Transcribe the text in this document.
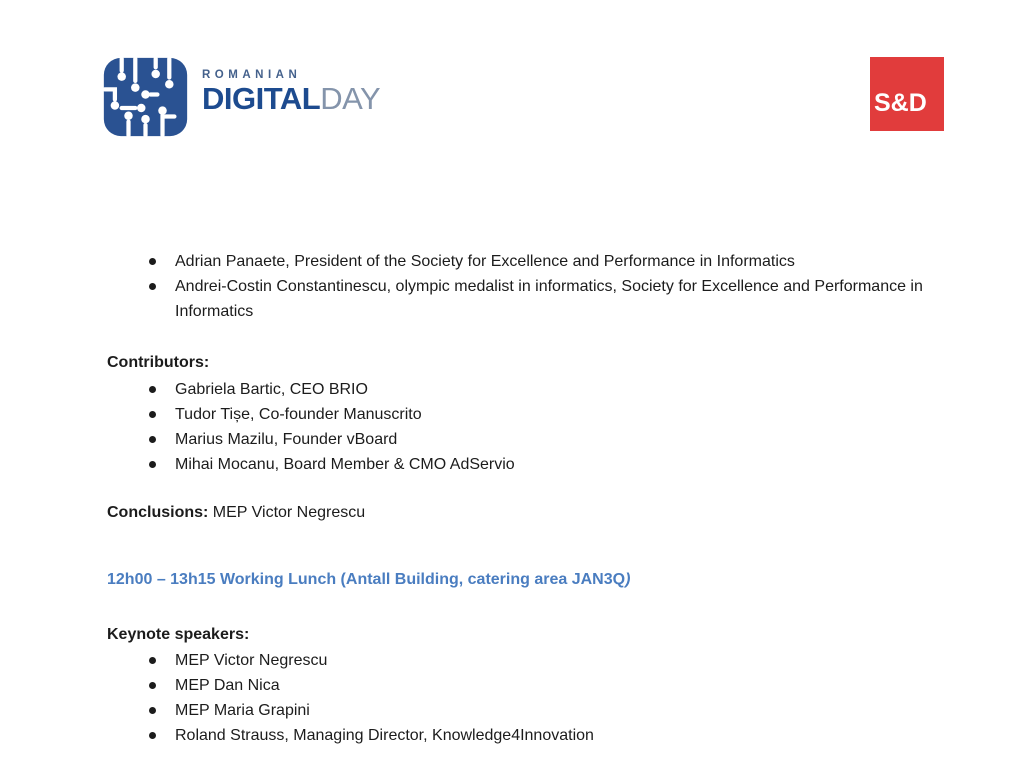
ROMANIAN
DIGITALDAY	S&D
Adrian Panaete, President of the Society for Excellence and Performance in Informatics
Andrei-Costin Constantinescu, olympic medalist in informatics, Society for Excellence and Performance in Informatics
Contributors:
Gabriela Bartic, CEO BRIO
Tudor Tișe, Co-founder Manuscrito
Marius Mazilu, Founder vBoard
Mihai Mocanu, Board Member & CMO AdServio
Conclusions: MEP Victor Negrescu
12h00 – 13h15 Working Lunch (Antall Building, catering area JAN3Q)
Keynote speakers:
MEP Victor Negrescu
MEP Dan Nica
MEP Maria Grapini
Roland Strauss, Managing Director, Knowledge4Innovation
